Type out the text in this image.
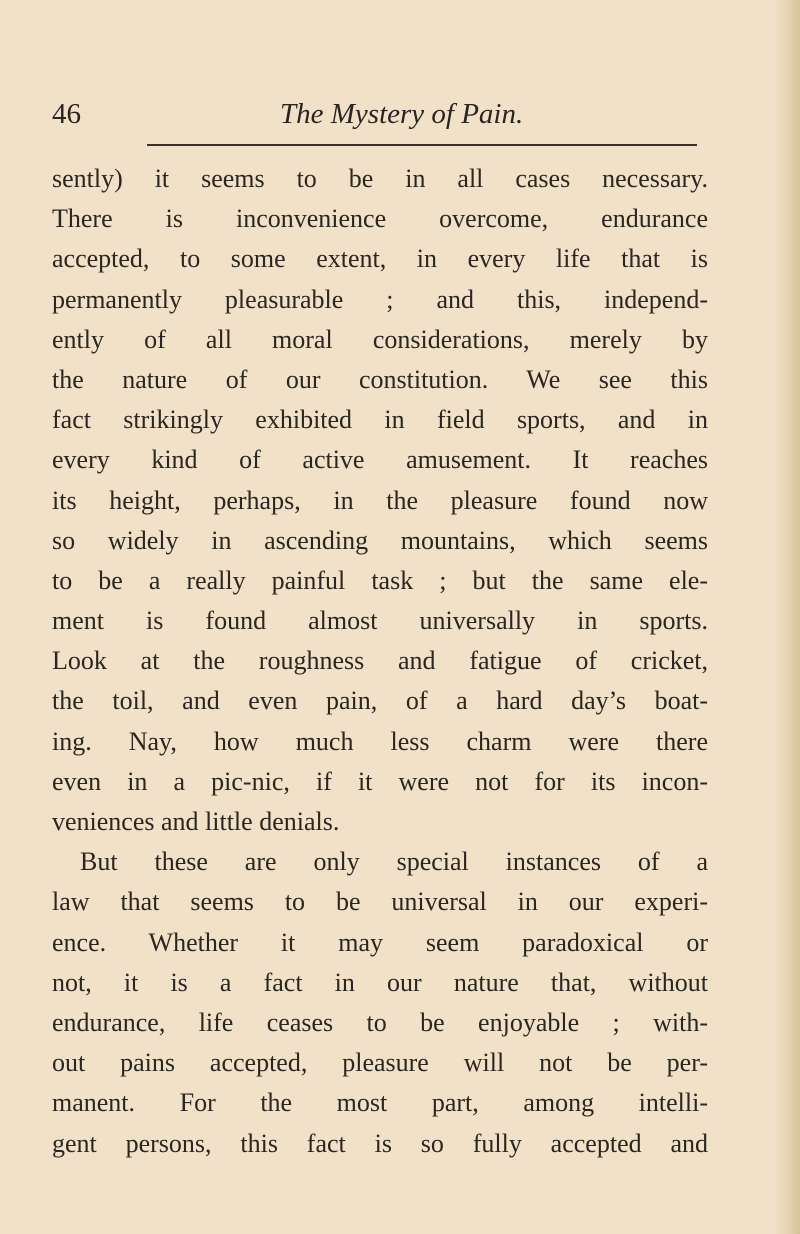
46	The Mystery of Pain.
sently) it seems to be in all cases necessary.
There is inconvenience overcome, endurance
accepted, to some extent, in every life that is
permanently pleasurable ; and this, independ-
ently of all moral considerations, merely by
the nature of our constitution. We see this
fact strikingly exhibited in field sports, and in
every kind of active amusement. It reaches
its height, perhaps, in the pleasure found now
so widely in ascending mountains, which seems
to be a really painful task ; but the same ele-
ment is found almost universally in sports.
Look at the roughness and fatigue of cricket,
the toil, and even pain, of a hard day’s boat-
ing. Nay, how much less charm were there
even in a pic-nic, if it were not for its incon-
veniences and little denials.
But these are only special instances of a
law that seems to be universal in our experi-
ence. Whether it may seem paradoxical or
not, it is a fact in our nature that, without
endurance, life ceases to be enjoyable ; with-
out pains accepted, pleasure will not be per-
manent. For the most part, among intelli-
gent persons, this fact is so fully accepted and
